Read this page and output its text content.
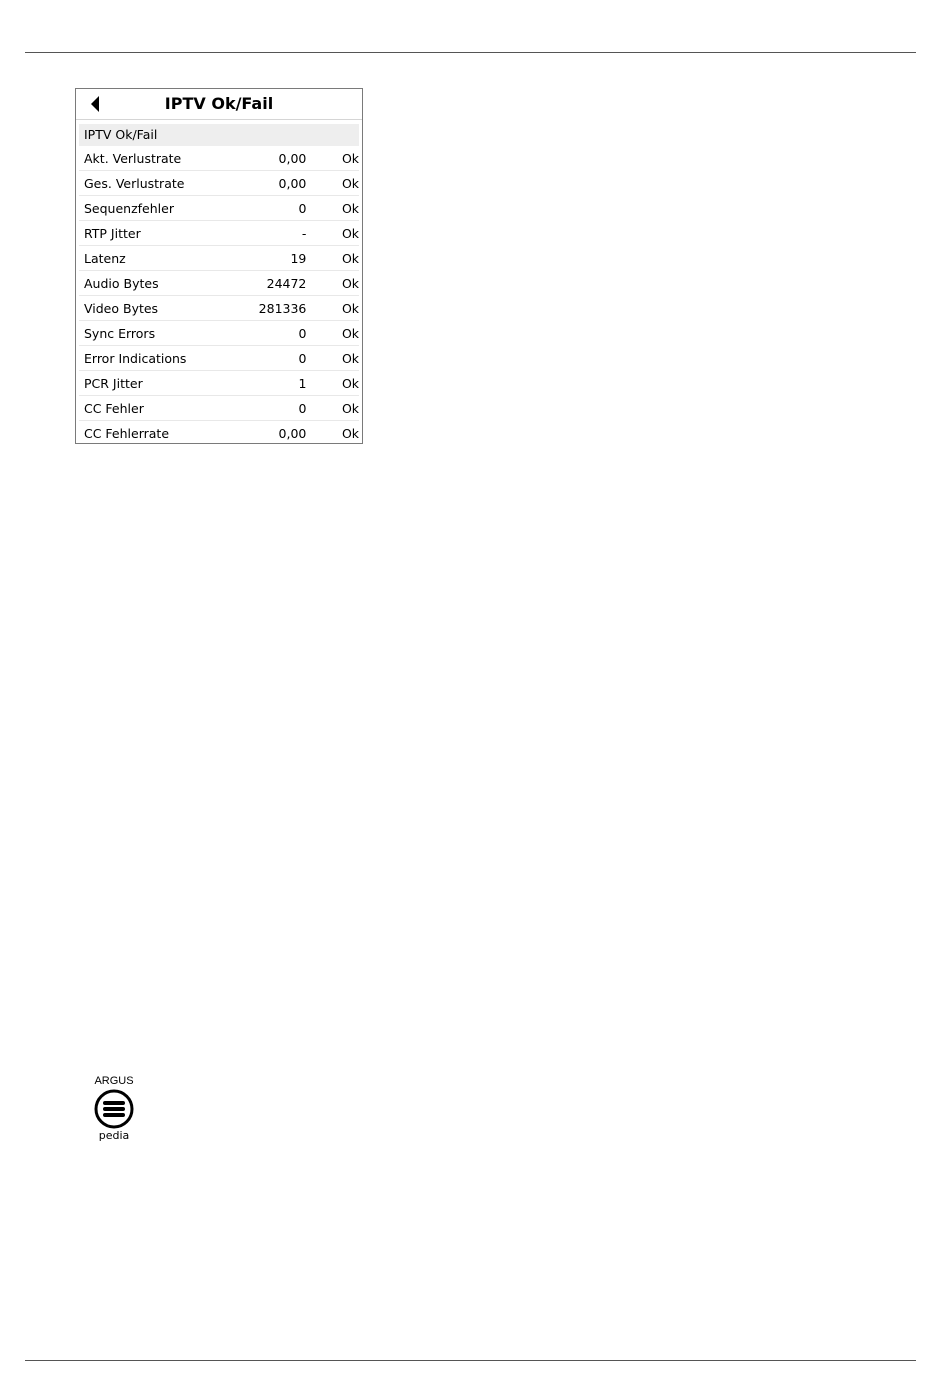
IPTV Ok/Fail
IPTV Ok/Fail
Akt. Verlustrate	0,00	Ok
Ges. Verlustrate	0,00	Ok
Sequenzfehler	0	Ok
RTP Jitter	-	Ok
Latenz	19	Ok
Audio Bytes	24472	Ok
Video Bytes	281336	Ok
Sync Errors	0	Ok
Error Indications	0	Ok
PCR Jitter	1	Ok
CC Fehler	0	Ok
CC Fehlerrate	0,00	Ok
ARGUS
pedia
